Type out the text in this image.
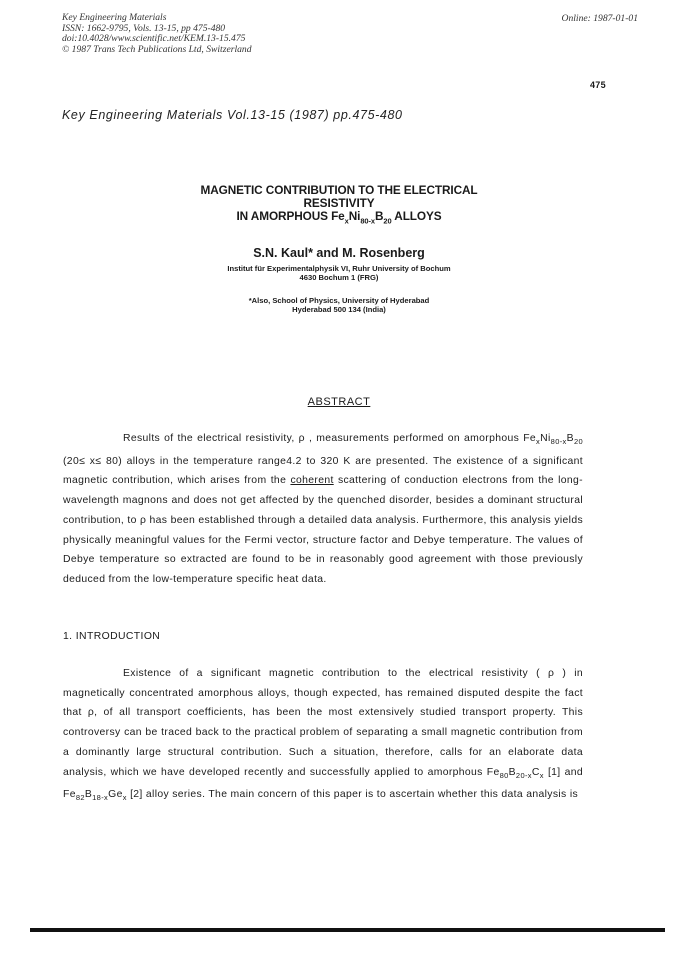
Key Engineering Materials
ISSN: 1662-9795, Vols. 13-15, pp 475-480
doi:10.4028/www.scientific.net/KEM.13-15.475
© 1987 Trans Tech Publications Ltd, Switzerland
Online: 1987-01-01
475
Key Engineering Materials Vol.13-15 (1987) pp.475-480
MAGNETIC CONTRIBUTION TO THE ELECTRICAL
RESISTIVITY
IN AMORPHOUS $Fe_xNi_{80-x}B_{20}$ ALLOYS
S.N. Kaul* and M. Rosenberg
Institut für Experimentalphysik VI, Ruhr University of Bochum
4630 Bochum 1 (FRG)
*Also, School of Physics, University of Hyderabad
Hyderabad 500 134 (India)
ABSTRACT

Results of the electrical resistivity, ρ , measurements performed on amorphous $Fe_xNi_{80-x}B_{20}$ (20≤ x≤ 80) alloys in the temperature range4.2 to 320 K are presented. The existence of a significant magnetic contribution, which arises from the coherent scattering of conduction electrons from the long-wavelength magnons and does not get affected by the quenched disorder, besides a dominant structural contribution, to ρ has been established through a detailed data analysis. Furthermore, this analysis yields physically meaningful values for the Fermi vector, structure factor and Debye temperature. The values of Debye temperature so extracted are found to be in reasonably good agreement with those previously deduced from the low-temperature specific heat data.

1. INTRODUCTION

Existence of a significant magnetic contribution to the electrical resistivity ( ρ ) in magnetically concentrated amorphous alloys, though expected, has remained disputed despite the fact that ρ, of all transport coefficients, has been the most extensively studied transport property. This controversy can be traced back to the practical problem of separating a small magnetic contribution from a dominantly large structural contribution. Such a situation, therefore, calls for an elaborate data analysis, which we have developed recently and successfully applied to amorphous $Fe_{80}B_{20-x}C_x$ [1] and $Fe_{82}B_{18-x}Ge_x$ [2] alloy series. The main concern of this paper is to ascertain whether this data analysis is
